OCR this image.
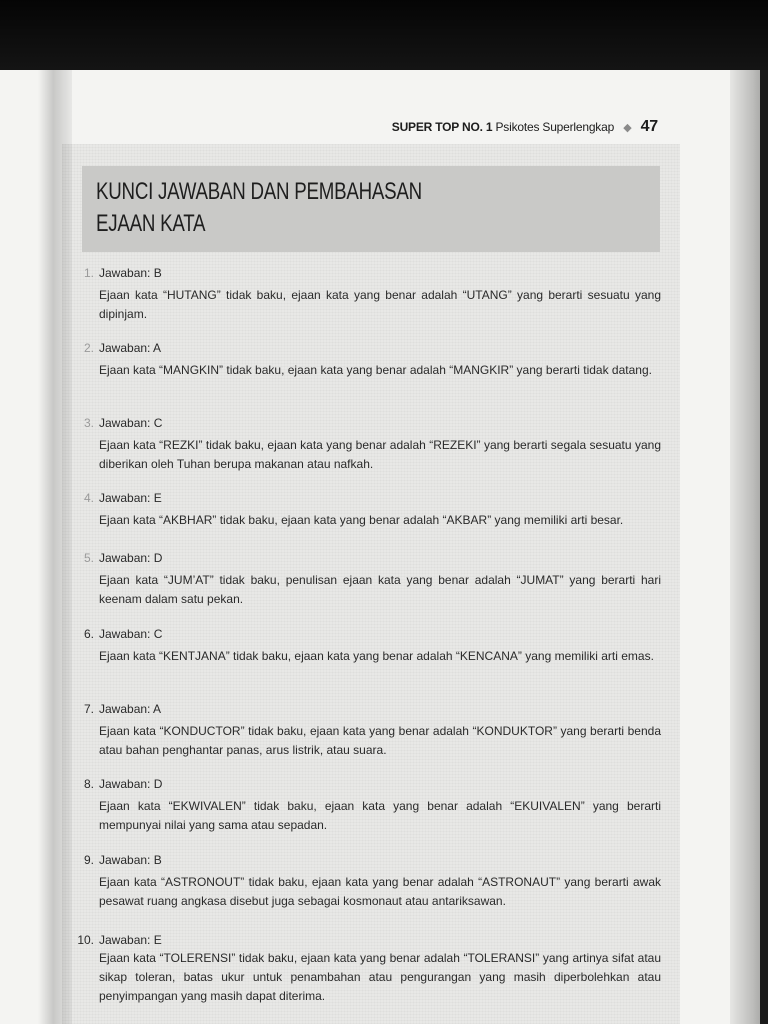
SUPER TOP NO. 1 Psikotes Superlengkap ◆ 47
KUNCI JAWABAN DAN PEMBAHASAN
EJAAN KATA
1. Jawaban: B

Ejaan kata “HUTANG” tidak baku, ejaan kata yang benar adalah “UTANG” yang berarti sesuatu yang dipinjam.

2. Jawaban: A

Ejaan kata “MANGKIN” tidak baku, ejaan kata yang benar adalah “MANGKIR” yang berarti tidak datang.

3. Jawaban: C

Ejaan kata “REZKI” tidak baku, ejaan kata yang benar adalah “REZEKI” yang berarti segala sesuatu yang diberikan oleh Tuhan berupa makanan atau nafkah.

4. Jawaban: E

Ejaan kata “AKBHAR” tidak baku, ejaan kata yang benar adalah “AKBAR” yang memiliki arti besar.

5. Jawaban: D

Ejaan kata “JUM’AT” tidak baku, penulisan ejaan kata yang benar adalah “JUMAT” yang berarti hari keenam dalam satu pekan.

6. Jawaban: C

Ejaan kata “KENTJANA” tidak baku, ejaan kata yang benar adalah “KENCANA” yang memiliki arti emas.

7. Jawaban: A

Ejaan kata “KONDUCTOR” tidak baku, ejaan kata yang benar adalah “KONDUKTOR” yang berarti benda atau bahan penghantar panas, arus listrik, atau suara.

8. Jawaban: D

Ejaan kata “EKWIVALEN” tidak baku, ejaan kata yang benar adalah “EKUIVALEN” yang berarti mempunyai nilai yang sama atau sepadan.

9. Jawaban: B

Ejaan kata “ASTRONOUT” tidak baku, ejaan kata yang benar adalah “ASTRONAUT” yang berarti awak pesawat ruang angkasa disebut juga sebagai kosmonaut atau antariksawan.

10. Jawaban: E

Ejaan kata “TOLERENSI” tidak baku, ejaan kata yang benar adalah “TOLERANSI” yang artinya sifat atau sikap toleran, batas ukur untuk penambahan atau pengurangan yang masih diperbolehkan atau penyimpangan yang masih dapat diterima.
